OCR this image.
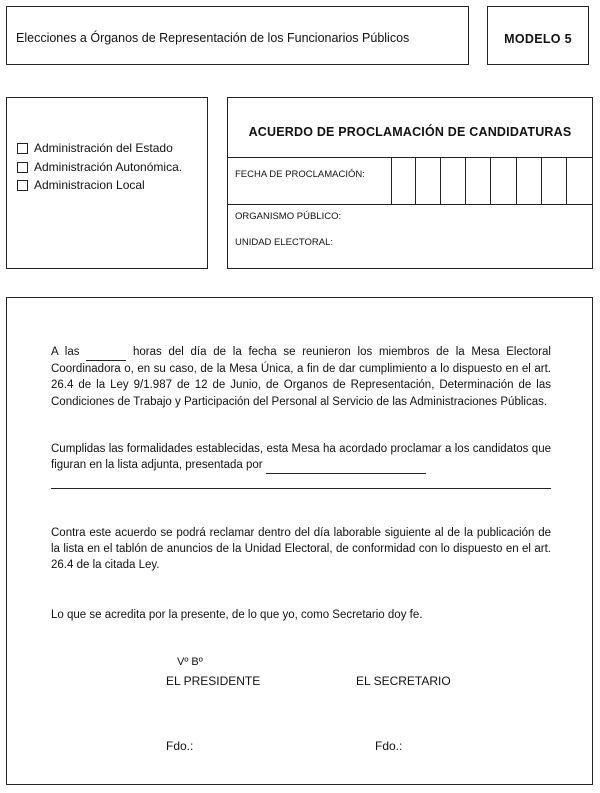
Elecciones a Órganos de Representación de los Funcionarios Públicos	MODELO 5
Administración del Estado
Administración Autonómica.
Administracion Local
ACUERDO DE PROCLAMACIÓN DE CANDIDATURAS
FECHA DE PROCLAMACIÓN:
ORGANISMO PÚBLICO:
UNIDAD ELECTORAL:
A las	horas del día de la fecha se reunieron los miembros de la Mesa Electoral Coordinadora o, en su caso, de la Mesa Única, a fin de dar cumplimiento a lo dispuesto en el art. 26.4 de la Ley 9/1.987 de 12 de Junio, de Organos de Representación, Determinación de las Condiciones de Trabajo y Participación del Personal al Servicio de las Administraciones Públicas.
Cumplidas las formalidades establecidas, esta Mesa ha acordado proclamar a los candidatos que figuran en la lista adjunta, presentada por
Contra este acuerdo se podrá reclamar dentro del día laborable siguiente al de la publicación de la lista en el tablón de anuncios de la Unidad Electoral, de conformidad con lo dispuesto en el art. 26.4 de la citada Ley.
Lo que se acredita por la presente, de lo que yo, como Secretario doy fe.
Vº Bº
EL PRESIDENTE	EL SECRETARIO
Fdo.:	Fdo.:
